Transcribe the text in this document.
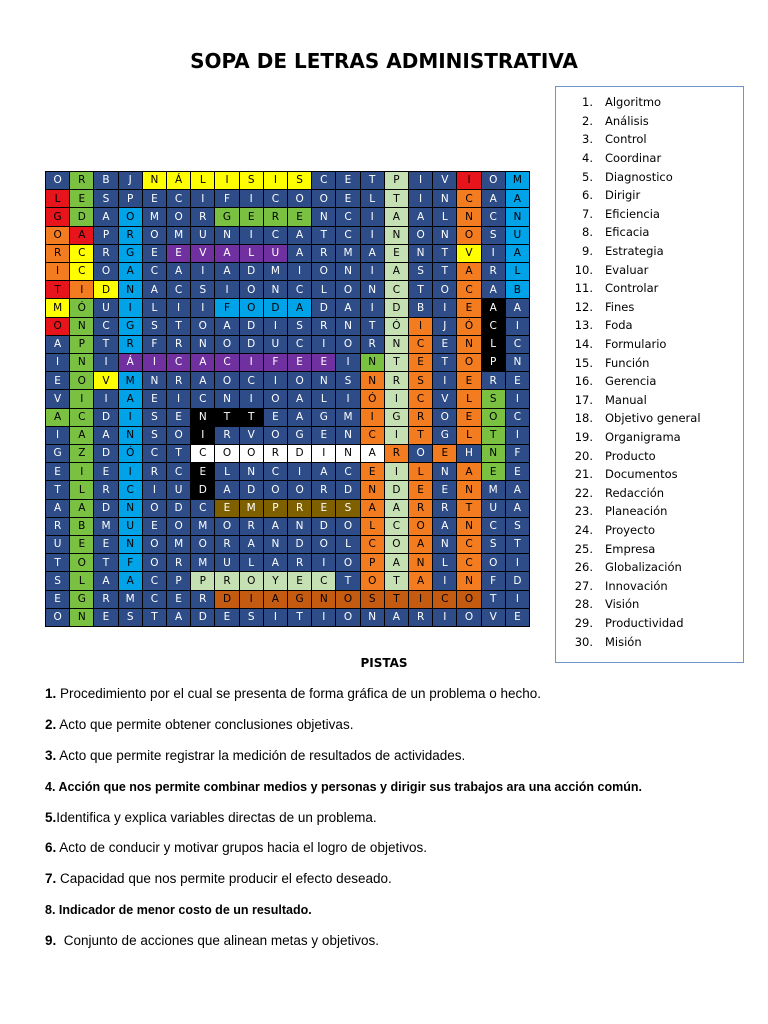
SOPA DE LETRAS ADMINISTRATIVA
O	R	B	J	N	Á	L	I	S	I	S	C	E	T	P	I	V	I	O	M
L	E	S	P	E	C	I	F	I	C	O	O	E	L	T	I	N	C	A	A
G	D	A	O	M	O	R	G	E	R	E	N	C	I	A	A	L	N	C	N
O	A	P	R	O	M	U	N	I	C	A	T	C	I	N	O	N	O	S	U
R	C	R	G	E	E	V	A	L	U	A	R	M	A	E	N	T	V	I	A
I	C	O	A	C	A	I	A	D	M	I	O	N	I	A	S	T	A	R	L
T	I	D	N	A	C	S	I	O	N	C	L	O	N	C	T	O	C	A	B
M	Ó	U	I	L	I	I	F	O	D	A	D	A	I	D	B	I	E	A	A
O	N	C	G	S	T	O	A	D	I	S	R	N	T	Ó	I	J	Ó	C	I
A	P	T	R	F	R	N	O	D	U	C	I	O	R	N	C	E	N	L	C
I	N	I	Á	I	C	A	C	I	F	E	E	I	N	T	E	T	O	P	N
E	O	V	M	N	R	A	O	C	I	O	N	S	N	R	S	I	E	R	E
V	I	I	A	E	I	C	N	I	O	A	L	I	Ó	I	C	V	L	S	I
A	C	D	I	S	E	N	T	T	E	A	G	M	I	G	R	O	E	O	C
I	A	A	N	S	O	I	R	V	O	G	E	N	C	I	T	G	L	T	I
G	Z	D	Ó	C	T	C	O	O	R	D	I	N	A	R	O	E	H	N	F
E	I	E	I	R	C	E	L	N	C	I	A	C	E	I	L	N	A	E	E
T	L	R	C	I	U	D	A	D	O	O	R	D	N	D	E	E	N	M	A
A	A	D	N	O	D	C	E	M	P	R	E	S	A	A	R	R	T	U	A
R	B	M	U	E	O	M	O	R	A	N	D	O	L	C	O	A	N	C	S
U	E	E	N	O	M	O	R	A	N	D	O	L	C	O	A	N	C	S	T
T	O	T	F	O	R	M	U	L	A	R	I	O	P	A	N	L	C	O	I
S	L	A	A	C	P	P	R	O	Y	E	C	T	O	T	A	I	N	F	D
E	G	R	M	C	E	R	D	I	A	G	N	O	S	T	I	C	O	T	I
O	N	E	S	T	A	D	E	S	I	T	I	O	N	A	R	I	O	V	E
1.	Algoritmo
2.	Análisis
3.	Control
4.	Coordinar
5.	Diagnostico
6.	Dirigir
7.	Eficiencia
8.	Eficacia
9.	Estrategia
10.	Evaluar
11.	Controlar
12.	Fines
13.	Foda
14.	Formulario
15.	Función
16.	Gerencia
17.	Manual
18.	Objetivo general
19.	Organigrama
20.	Producto
21.	Documentos
22.	Redacción
23.	Planeación
24.	Proyecto
25.	Empresa
26.	Globalización
27.	Innovación
28.	Visión
29.	Productividad
30.	Misión
PISTAS
1. Procedimiento por el cual se presenta de forma gráfica de un problema o hecho.
2. Acto que permite obtener conclusiones objetivas.
3. Acto que permite registrar la medición de resultados de actividades.
4. Acción que nos permite combinar medios y personas y dirigir sus trabajos ara una acción común.
5.Identifica y explica variables directas de un problema.
6. Acto de conducir y motivar grupos hacia el logro de objetivos.
7. Capacidad que nos permite producir el efecto deseado.
8. Indicador de menor costo de un resultado.
9.  Conjunto de acciones que alinean metas y objetivos.
